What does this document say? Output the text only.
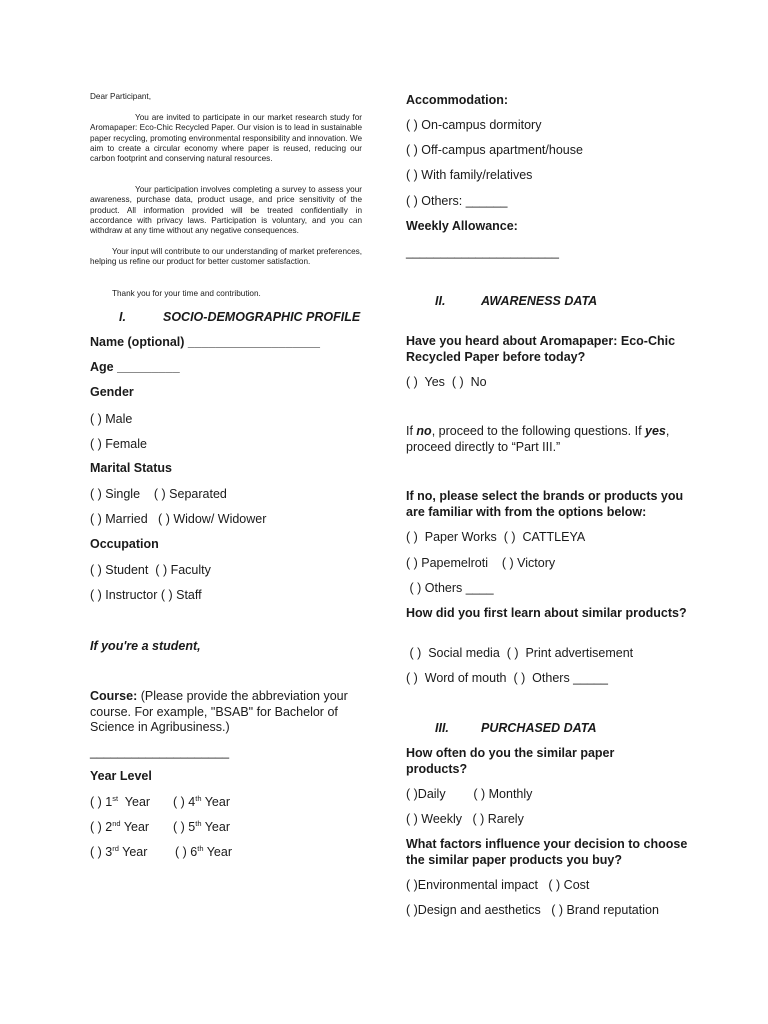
Dear Participant,

You are invited to participate in our market research study for Aromapaper: Eco-Chic Recycled Paper. Our vision is to lead in sustainable paper recycling, promoting environmental responsibility and innovation. We aim to create a circular economy where paper is reused, reducing our carbon footprint and conserving natural resources.

Your participation involves completing a survey to assess your awareness, purchase data, product usage, and price sensitivity of the product. All information provided will be treated confidentially in accordance with privacy laws. Participation is voluntary, and you can withdraw at any time without any negative consequences.

Your input will contribute to our understanding of market preferences, helping us refine our product for better customer satisfaction.

Thank you for your time and contribution.

I.	SOCIO-DEMOGRAPHIC PROFILE
Name (optional) ___________________
Age _________
Gender
( ) Male
( ) Female
Marital Status
( ) Single    ( ) Separated
( ) Married   ( ) Widow/ Widower
Occupation
( ) Student  ( ) Faculty
( ) Instructor ( ) Staff
If you're a student,
Course: (Please provide the abbreviation your course. For example, "BSAB" for Bachelor of Science in Agribusiness.)
____________________
Year Level
( ) 1st  Year ( ) 4th Year
( ) 2nd Year ( ) 5th Year
( ) 3rd Year ( ) 6th Year
Accommodation:
( ) On-campus dormitory
( ) Off-campus apartment/house
( ) With family/relatives
( ) Others: ______
Weekly Allowance:
______________________
II.	AWARENESS DATA
Have you heard about Aromapaper: Eco-Chic Recycled Paper before today?
( )  Yes  ( )  No
If no, proceed to the following questions. If yes, proceed directly to “Part III.”
If no, please select the brands or products you are familiar with from the options below:
( )  Paper Works  ( )  CATTLEYA
( ) Papemelroti    ( ) Victory
( ) Others ____
How did you first learn about similar products?
( )  Social media  ( )  Print advertisement
( )  Word of mouth  ( )  Others _____
III.	PURCHASED DATA
How often do you the similar paper products?
( )Daily        ( ) Monthly
( ) Weekly   ( ) Rarely
What factors influence your decision to choose the similar paper products you buy?
( )Environmental impact   ( ) Cost
( )Design and aesthetics   ( ) Brand reputation
